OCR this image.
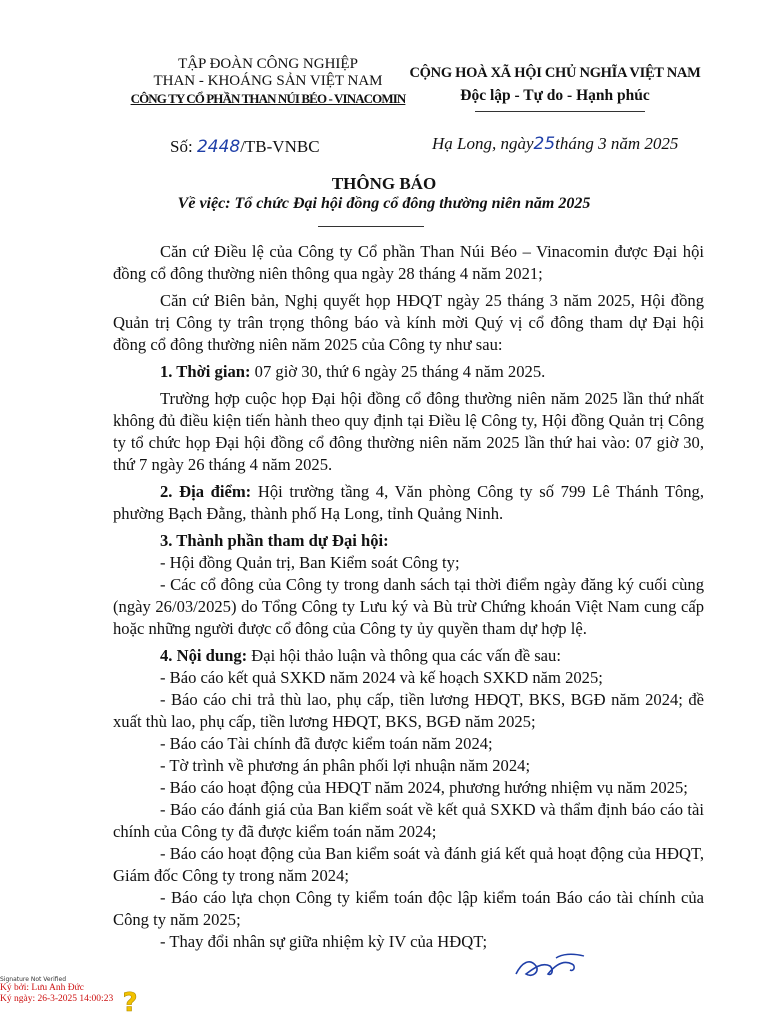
TẬP ĐOÀN CÔNG NGHIỆP
THAN - KHOÁNG SẢN VIỆT NAM
CÔNG TY CỔ PHẦN THAN NÚI BÉO - VINACOMIN
CỘNG HOÀ XÃ HỘI CHỦ NGHĨA VIỆT NAM
Độc lập - Tự do - Hạnh phúc
Số: 2448/TB-VNBC	Hạ Long, ngày25tháng 3 năm 2025
THÔNG BÁO
Về việc: Tổ chức Đại hội đồng cổ đông thường niên năm 2025

Căn cứ Điều lệ của Công ty Cổ phần Than Núi Béo – Vinacomin được Đại hội đồng cổ đông thường niên thông qua ngày 28 tháng 4 năm 2021;

Căn cứ Biên bản, Nghị quyết họp HĐQT ngày 25 tháng 3 năm 2025, Hội đồng Quản trị Công ty trân trọng thông báo và kính mời Quý vị cổ đông tham dự Đại hội đồng cổ đông thường niên năm 2025 của Công ty như sau:

1. Thời gian: 07 giờ 30, thứ 6 ngày 25 tháng 4 năm 2025.

Trường hợp cuộc họp Đại hội đồng cổ đông thường niên năm 2025 lần thứ nhất không đủ điều kiện tiến hành theo quy định tại Điều lệ Công ty, Hội đồng Quản trị Công ty tổ chức họp Đại hội đồng cổ đông thường niên năm 2025 lần thứ hai vào: 07 giờ 30, thứ 7 ngày 26 tháng 4 năm 2025.

2. Địa điểm: Hội trường tầng 4, Văn phòng Công ty số 799 Lê Thánh Tông, phường Bạch Đằng, thành phố Hạ Long, tỉnh Quảng Ninh.

3. Thành phần tham dự Đại hội:

- Hội đồng Quản trị, Ban Kiểm soát Công ty;

- Các cổ đông của Công ty trong danh sách tại thời điểm ngày đăng ký cuối cùng (ngày 26/03/2025) do Tổng Công ty Lưu ký và Bù trừ Chứng khoán Việt Nam cung cấp hoặc những người được cổ đông của Công ty ủy quyền tham dự hợp lệ.

4. Nội dung: Đại hội thảo luận và thông qua các vấn đề sau:

- Báo cáo kết quả SXKD năm 2024 và kế hoạch SXKD năm 2025;

- Báo cáo chi trả thù lao, phụ cấp, tiền lương HĐQT, BKS, BGĐ năm 2024; đề xuất thù lao, phụ cấp, tiền lương HĐQT, BKS, BGĐ năm 2025;

- Báo cáo Tài chính đã được kiểm toán năm 2024;

- Tờ trình về phương án phân phối lợi nhuận năm 2024;

- Báo cáo hoạt động của HĐQT năm 2024, phương hướng nhiệm vụ năm 2025;

- Báo cáo đánh giá của Ban kiểm soát về kết quả SXKD và thẩm định báo cáo tài chính của Công ty đã được kiểm toán năm 2024;

- Báo cáo hoạt động của Ban kiểm soát và đánh giá kết quả hoạt động của HĐQT, Giám đốc Công ty trong năm 2024;

- Báo cáo lựa chọn Công ty kiểm toán độc lập kiểm toán Báo cáo tài chính của Công ty năm 2025;

- Thay đổi nhân sự giữa nhiệm kỳ IV của HĐQT;

Signature Not Verified
Ký bởi: Lưu Anh Đức
Ký ngày: 26-3-2025 14:00:23 ?
